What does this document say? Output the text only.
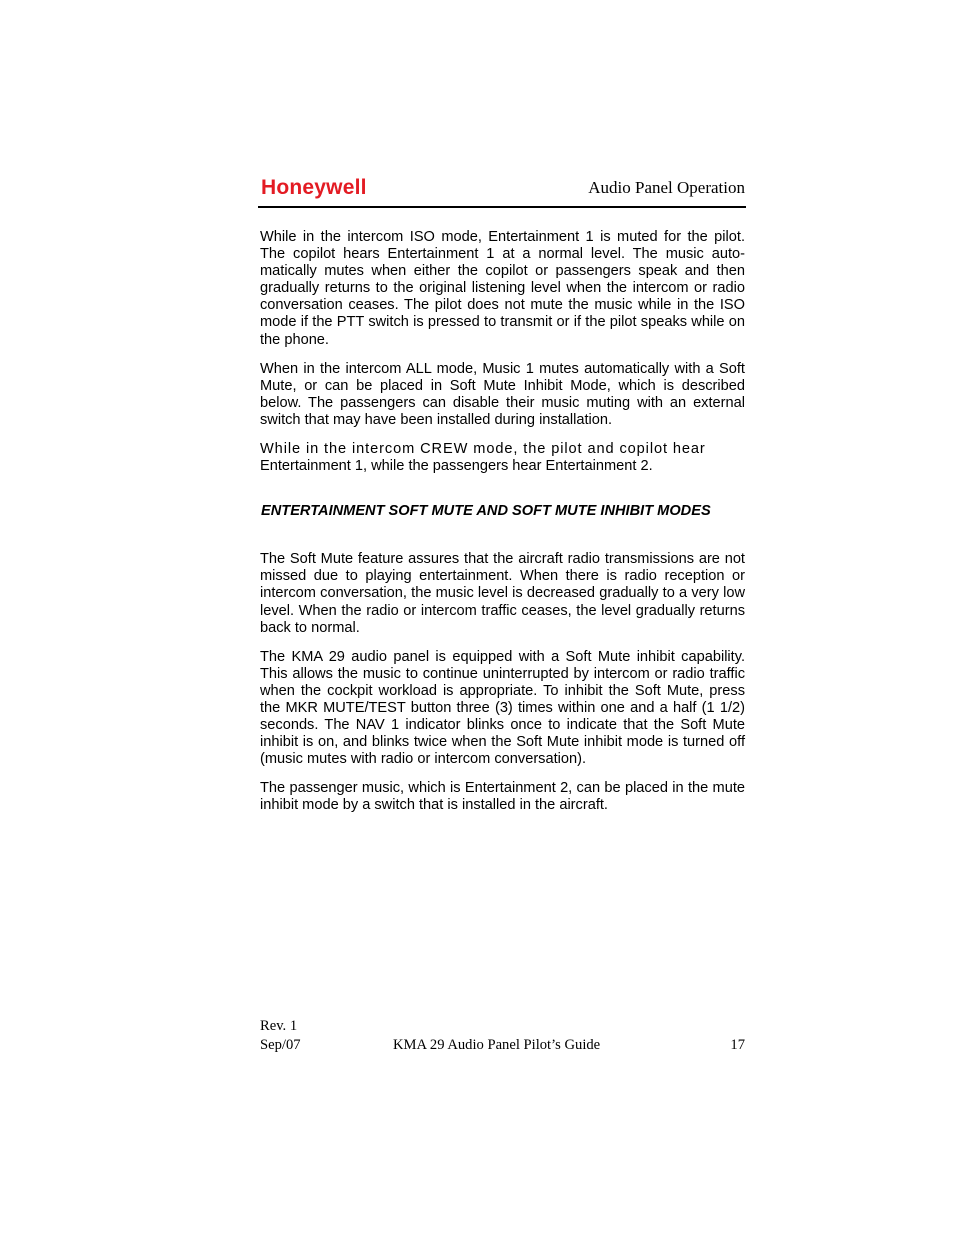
Honeywell	Audio Panel Operation

While in the intercom ISO mode, Entertainment 1 is muted for the pilot. The copilot hears Entertainment 1 at a normal level. The music automatically mutes when either the copilot or passengers speak and then gradually returns to the original listening level when the intercom or radio conversation ceases. The pilot does not mute the music while in the ISO mode if the PTT switch is pressed to transmit or if the pilot speaks while on the phone.

When in the intercom ALL mode, Music 1 mutes automatically with a Soft Mute, or can be placed in Soft Mute Inhibit Mode, which is described below. The passengers can disable their music muting with an external switch that may have been installed during installation.

While in the intercom CREW mode, the pilot and copilot hear
Entertainment 1, while the passengers hear Entertainment 2.

ENTERTAINMENT SOFT MUTE AND SOFT MUTE INHIBIT MODES

The Soft Mute feature assures that the aircraft radio transmissions are not missed due to playing entertainment. When there is radio reception or intercom conversation, the music level is decreased gradually to a very low level. When the radio or intercom traffic ceases, the level gradually returns back to normal.

The KMA 29 audio panel is equipped with a Soft Mute inhibit capability. This allows the music to continue uninterrupted by intercom or radio traffic when the cockpit workload is appropriate. To inhibit the Soft Mute, press the MKR MUTE/TEST button three (3) times within one and a half (1 1/2) seconds. The NAV 1 indicator blinks once to indicate that the Soft Mute inhibit is on, and blinks twice when the Soft Mute inhibit mode is turned off (music mutes with radio or intercom conversation).

The passenger music, which is Entertainment 2, can be placed in the mute inhibit mode by a switch that is installed in the aircraft.

Rev. 1
Sep/07	KMA 29 Audio Panel Pilot’s Guide	17
